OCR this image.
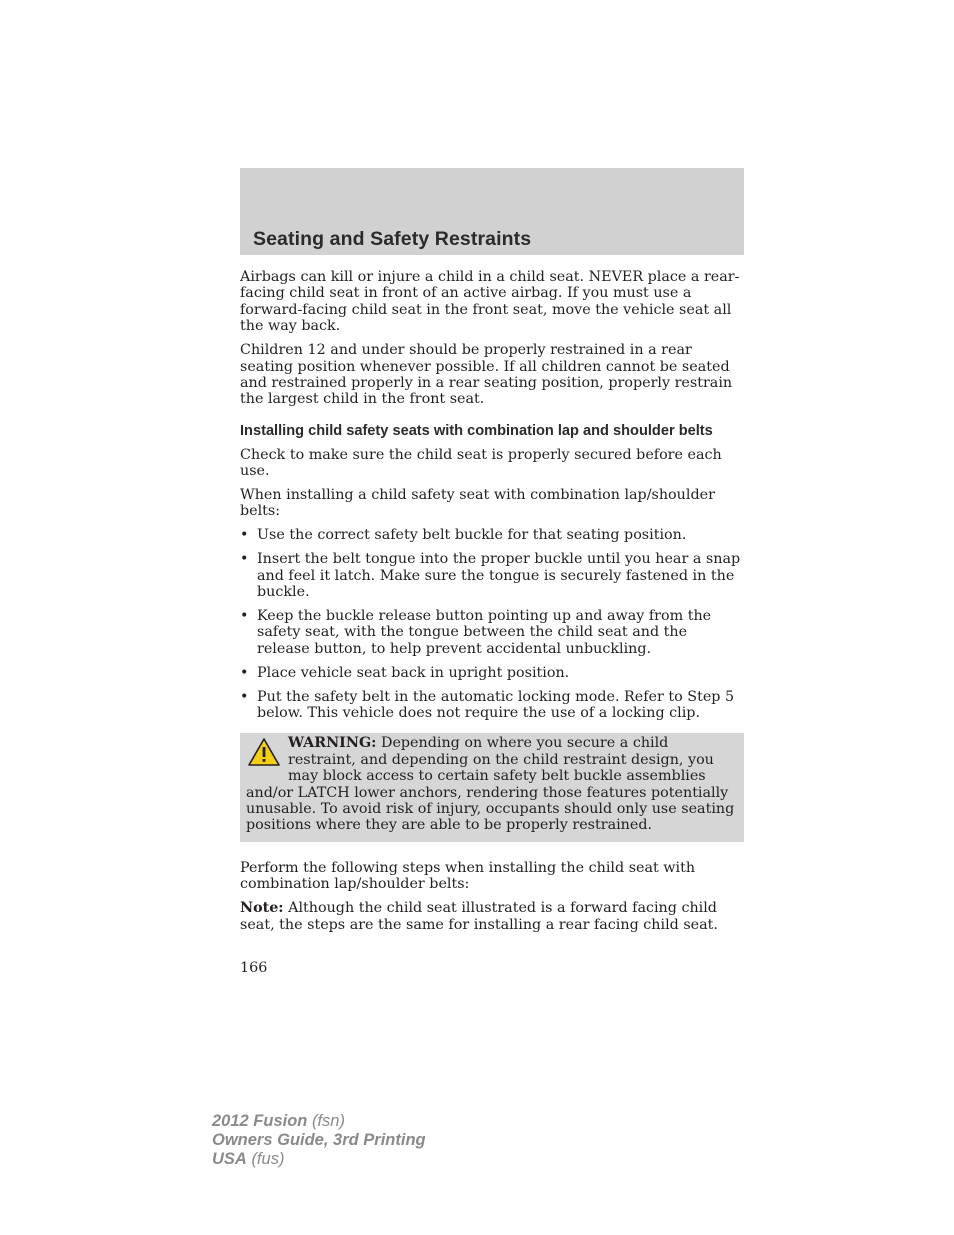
Seating and Safety Restraints

Airbags can kill or injure a child in a child seat. NEVER place a rear-facing child seat in front of an active airbag. If you must use a forward-facing child seat in the front seat, move the vehicle seat all the way back.

Children 12 and under should be properly restrained in a rear seating position whenever possible. If all children cannot be seated and restrained properly in a rear seating position, properly restrain the largest child in the front seat.

Installing child safety seats with combination lap and shoulder belts

Check to make sure the child seat is properly secured before each use.

When installing a child safety seat with combination lap/shoulder belts:

• Use the correct safety belt buckle for that seating position.
• Insert the belt tongue into the proper buckle until you hear a snap and feel it latch. Make sure the tongue is securely fastened in the buckle.
• Keep the buckle release button pointing up and away from the safety seat, with the tongue between the child seat and the release button, to help prevent accidental unbuckling.
• Place vehicle seat back in upright position.
• Put the safety belt in the automatic locking mode. Refer to Step 5 below. This vehicle does not require the use of a locking clip.
WARNING: Depending on where you secure a child restraint, and depending on the child restraint design, you may block access to certain safety belt buckle assemblies and/or LATCH lower anchors, rendering those features potentially unusable. To avoid risk of injury, occupants should only use seating positions where they are able to be properly restrained.

Perform the following steps when installing the child seat with combination lap/shoulder belts:

Note: Although the child seat illustrated is a forward facing child seat, the steps are the same for installing a rear facing child seat.

166
2012 Fusion (fsn)
Owners Guide, 3rd Printing
USA (fus)
